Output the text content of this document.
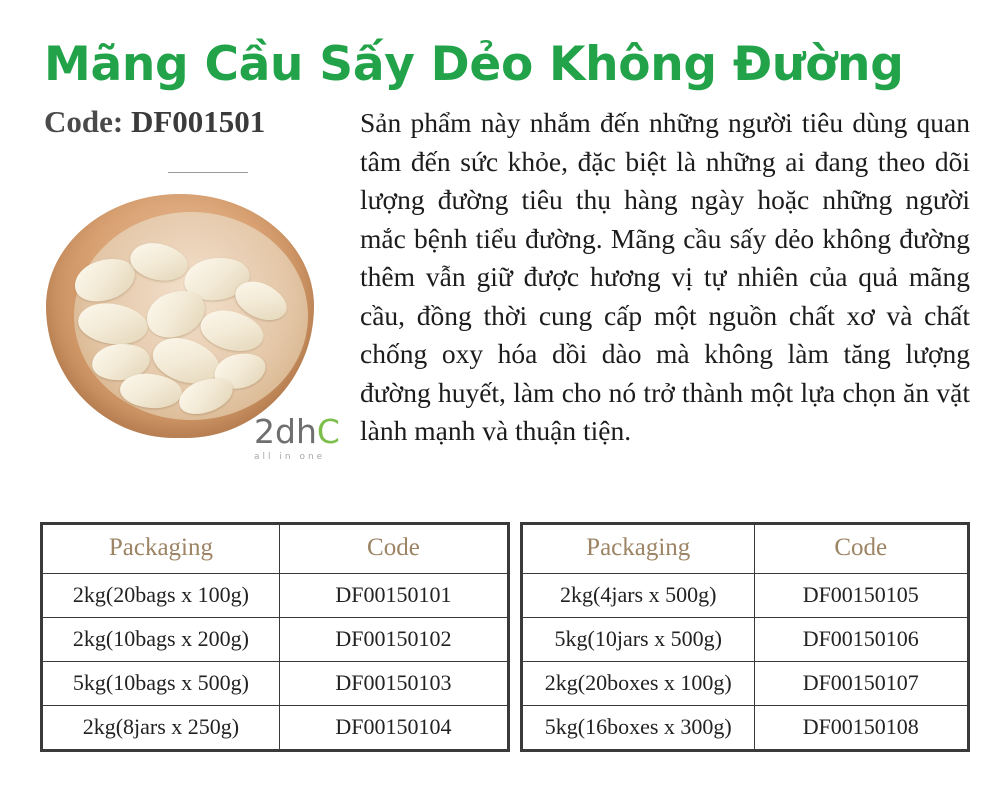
Mãng Cầu Sấy Dẻo Không Đường
Code: DF001501
2dhC
all in one
Sản phẩm này nhắm đến những người tiêu dùng quan tâm đến sức khỏe, đặc biệt là những ai đang theo dõi lượng đường tiêu thụ hàng ngày hoặc những người mắc bệnh tiểu đường. Mãng cầu sấy dẻo không đường thêm vẫn giữ được hương vị tự nhiên của quả mãng cầu, đồng thời cung cấp một nguồn chất xơ và chất chống oxy hóa dồi dào mà không làm tăng lượng đường huyết, làm cho nó trở thành một lựa chọn ăn vặt lành mạnh và thuận tiện.
Packaging	Code
2kg(20bags x 100g)	DF00150101
2kg(10bags x 200g)	DF00150102
5kg(10bags x 500g)	DF00150103
2kg(8jars x 250g)	DF00150104
Packaging	Code
2kg(4jars x 500g)	DF00150105
5kg(10jars x 500g)	DF00150106
2kg(20boxes x 100g)	DF00150107
5kg(16boxes x 300g)	DF00150108
